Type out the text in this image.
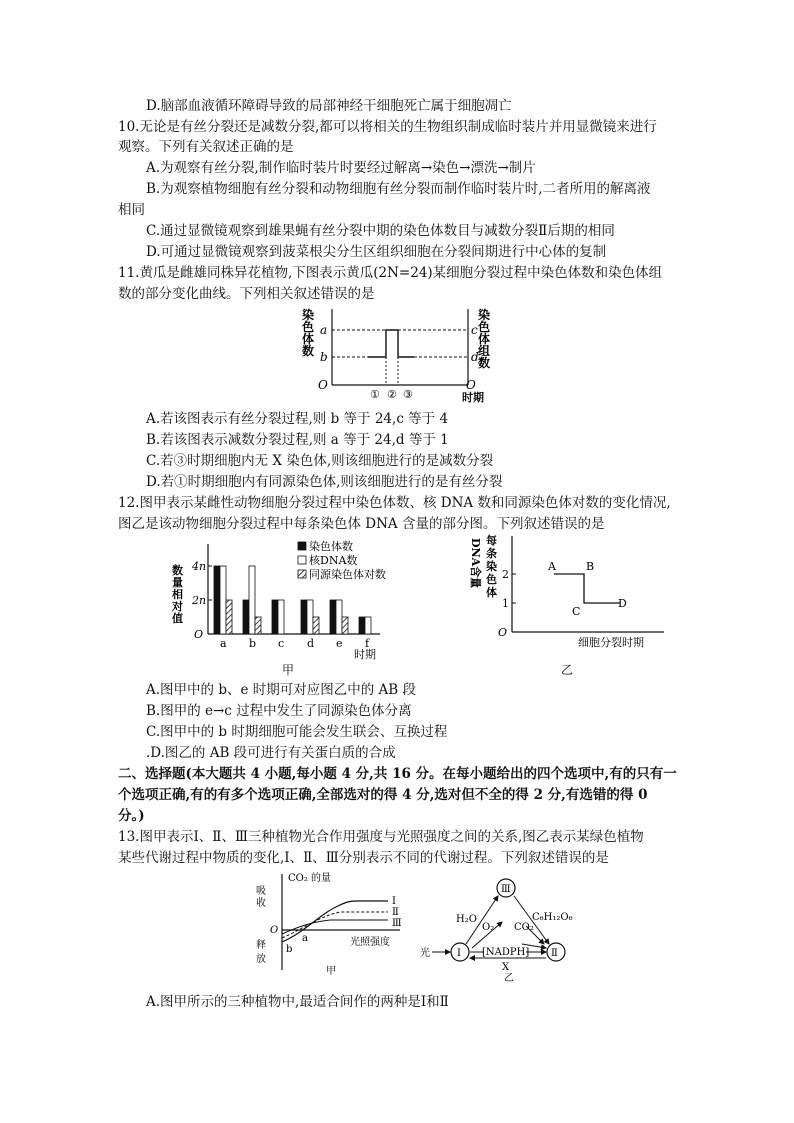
D.脑部血液循环障碍导致的局部神经干细胞死亡属于细胞凋亡
10.无论是有丝分裂还是减数分裂,都可以将相关的生物组织制成临时装片并用显微镜来进行
观察。下列有关叙述正确的是
A.为观察有丝分裂,制作临时装片时要经过解离→染色→漂洗→制片
B.为观察植物细胞有丝分裂和动物细胞有丝分裂而制作临时装片时,二者所用的解离液
相同
C.通过显微镜观察到雄果蝇有丝分裂中期的染色体数目与减数分裂Ⅱ后期的相同
D.可通过显微镜观察到菠菜根尖分生区组织细胞在分裂间期进行中心体的复制
11.黄瓜是雌雄同株异花植物,下图表示黄瓜(2N=24)某细胞分裂过程中染色体数和染色体组
数的部分变化曲线。下列相关叙述错误的是
染
色
体
数
染
色
体
组
数
a
b
c
d
O	O
① ② ③	时期
A.若该图表示有丝分裂过程,则 b 等于 24,c 等于 4
B.若该图表示减数分裂过程,则 a 等于 24,d 等于 1
C.若③时期细胞内无 X 染色体,则该细胞进行的是减数分裂
D.若①时期细胞内有同源染色体,则该细胞进行的是有丝分裂
12.图甲表示某雌性动物细胞分裂过程中染色体数、核 DNA 数和同源染色体对数的变化情况,
图乙是该动物细胞分裂过程中每条染色体 DNA 含量的部分图。下列叙述错误的是
4n
2n
O
数
量
相
对
值
a b c d e f
时期
染色体数
核DNA数
同源染色体对数
甲
2
1
O
每
条
染
色
体
DNA含量	A	B
C
D
细胞分裂时期
乙
A.图甲中的 b、e 时期可对应图乙中的 AB 段
B.图甲的 e→c 过程中发生了同源染色体分离
C.图甲中的 b 时期细胞可能会发生联会、互换过程
.D.图乙的 AB 段可进行有关蛋白质的合成
二、选择题(本大题共 4 小题,每小题 4 分,共 16 分。在每小题给出的四个选项中,有的只有一
个选项正确,有的有多个选项正确,全部选对的得 4 分,选对但不全的得 2 分,有选错的得 0
分。)
13.图甲表示Ⅰ、Ⅱ、Ⅲ三种植物光合作用强度与光照强度之间的关系,图乙表示某绿色植物
某些代谢过程中物质的变化,Ⅰ、Ⅱ、Ⅲ分别表示不同的代谢过程。下列叙述错误的是
CO₂ 的量
吸
收
释
放
O
光照强度
Ⅰ
Ⅱ
Ⅲ
a
b
甲
Ⅲ
Ⅰ	Ⅱ
光
H₂O
O₂ CO₂
C₆H₁₂O₆
[NADPH]
X
乙
A.图甲所示的三种植物中,最适合间作的两种是Ⅰ和Ⅱ
